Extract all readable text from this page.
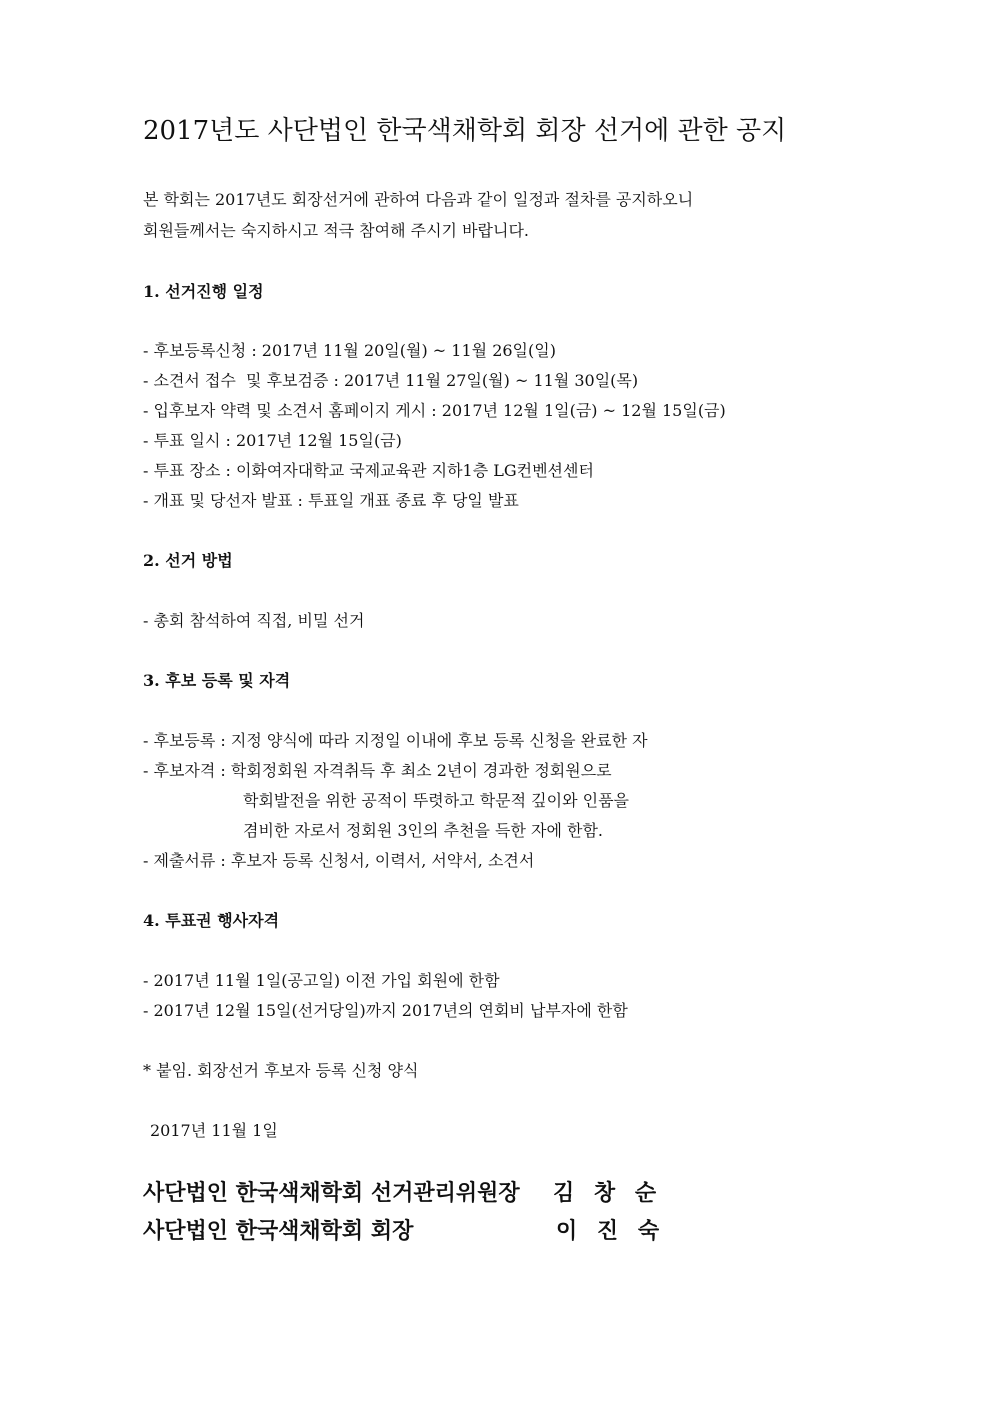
2017년도 사단법인 한국색채학회 회장 선거에 관한 공지
본 학회는 2017년도 회장선거에 관하여 다음과 같이 일정과 절차를 공지하오니
회원들께서는 숙지하시고 적극 참여해 주시기 바랍니다.
1. 선거진행 일정
- 후보등록신청 : 2017년 11월 20일(월) ~ 11월 26일(일)
- 소견서 접수  및 후보검증 : 2017년 11월 27일(월) ~ 11월 30일(목)
- 입후보자 약력 및 소견서 홈페이지 게시 : 2017년 12월 1일(금) ~ 12월 15일(금)
- 투표 일시 : 2017년 12월 15일(금)
- 투표 장소 : 이화여자대학교 국제교육관 지하1층 LG컨벤션센터
- 개표 및 당선자 발표 : 투표일 개표 종료 후 당일 발표
2. 선거 방법
- 총회 참석하여 직접, 비밀 선거
3. 후보 등록 및 자격
- 후보등록 : 지정 양식에 따라 지정일 이내에 후보 등록 신청을 완료한 자
- 후보자격 : 학회정회원 자격취득 후 최소 2년이 경과한 정회원으로
학회발전을 위한 공적이 뚜렷하고 학문적 깊이와 인품을
겸비한 자로서 정회원 3인의 추천을 득한 자에 한함.
- 제출서류 : 후보자 등록 신청서, 이력서, 서약서, 소견서
4. 투표권 행사자격
- 2017년 11월 1일(공고일) 이전 가입 회원에 한함
- 2017년 12월 15일(선거당일)까지 2017년의 연회비 납부자에 한함
* 붙임. 회장선거 후보자 등록 신청 양식
2017년 11월 1일
사단법인 한국색채학회 선거관리위원장 김 창 순
사단법인 한국색채학회 회장	이 진 숙
